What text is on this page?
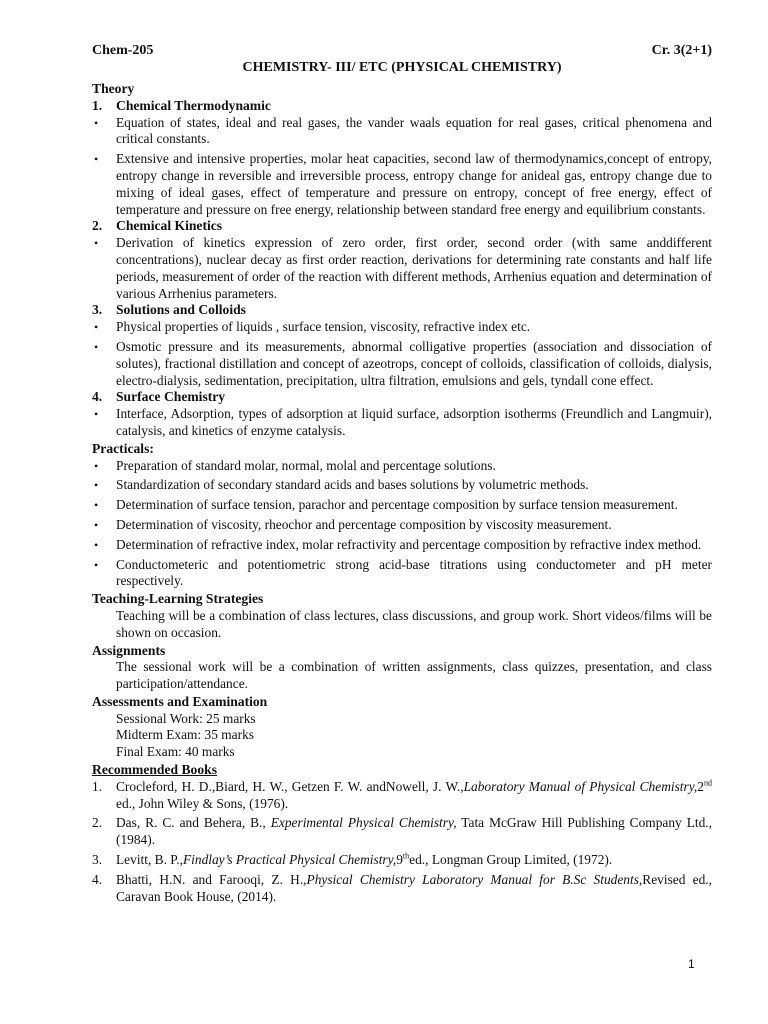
Chem-205	Cr. 3(2+1)
CHEMISTRY- III/ ETC (PHYSICAL CHEMISTRY)
Theory
1. Chemical Thermodynamic
• Equation of states, ideal and real gases, the vander waals equation for real gases, critical phenomena and critical constants.
• Extensive and intensive properties, molar heat capacities, second law of thermodynamics,concept of entropy, entropy change in reversible and irreversible process, entropy change for anideal gas, entropy change due to mixing of ideal gases, effect of temperature and pressure on entropy, concept of free energy, effect of temperature and pressure on free energy, relationship between standard free energy and equilibrium constants.
2. Chemical Kinetics
• Derivation of kinetics expression of zero order, first order, second order (with same anddifferent concentrations), nuclear decay as first order reaction, derivations for determining rate constants and half life periods, measurement of order of the reaction with different methods, Arrhenius equation and determination of various Arrhenius parameters.
3. Solutions and Colloids
• Physical properties of liquids , surface tension, viscosity, refractive index etc.
• Osmotic pressure and its measurements, abnormal colligative properties (association and dissociation of solutes), fractional distillation and concept of azeotrops, concept of colloids, classification of colloids, dialysis, electro-dialysis, sedimentation, precipitation, ultra filtration, emulsions and gels, tyndall cone effect.
4. Surface Chemistry
• Interface, Adsorption, types of adsorption at liquid surface, adsorption isotherms (Freundlich and Langmuir), catalysis, and kinetics of enzyme catalysis.
Practicals:
• Preparation of standard molar, normal, molal and percentage solutions.
• Standardization of secondary standard acids and bases solutions by volumetric methods.
• Determination of surface tension, parachor and percentage composition by surface tension measurement.
• Determination of viscosity, rheochor and percentage composition by viscosity measurement.
• Determination of refractive index, molar refractivity and percentage composition by refractive index method.
• Conductometeric and potentiometric strong acid-base titrations using conductometer and pH meter respectively.
Teaching-Learning Strategies
Teaching will be a combination of class lectures, class discussions, and group work. Short videos/films will be shown on occasion.
Assignments
The sessional work will be a combination of written assignments, class quizzes, presentation, and class participation/attendance.
Assessments and Examination
Sessional Work: 25 marks
Midterm Exam: 35 marks
Final Exam: 40 marks
Recommended Books
1. Crocleford, H. D.,Biard, H. W., Getzen F. W. andNowell, J. W.,Laboratory Manual of Physical Chemistry,2nd ed., John Wiley & Sons, (1976).
2. Das, R. C. and Behera, B., Experimental Physical Chemistry, Tata McGraw Hill Publishing Company Ltd., (1984).
3. Levitt, B. P.,Findlay’s Practical Physical Chemistry,9thed., Longman Group Limited, (1972).
4. Bhatti, H.N. and Farooqi, Z. H.,Physical Chemistry Laboratory Manual for B.Sc Students,Revised ed., Caravan Book House, (2014).
1
